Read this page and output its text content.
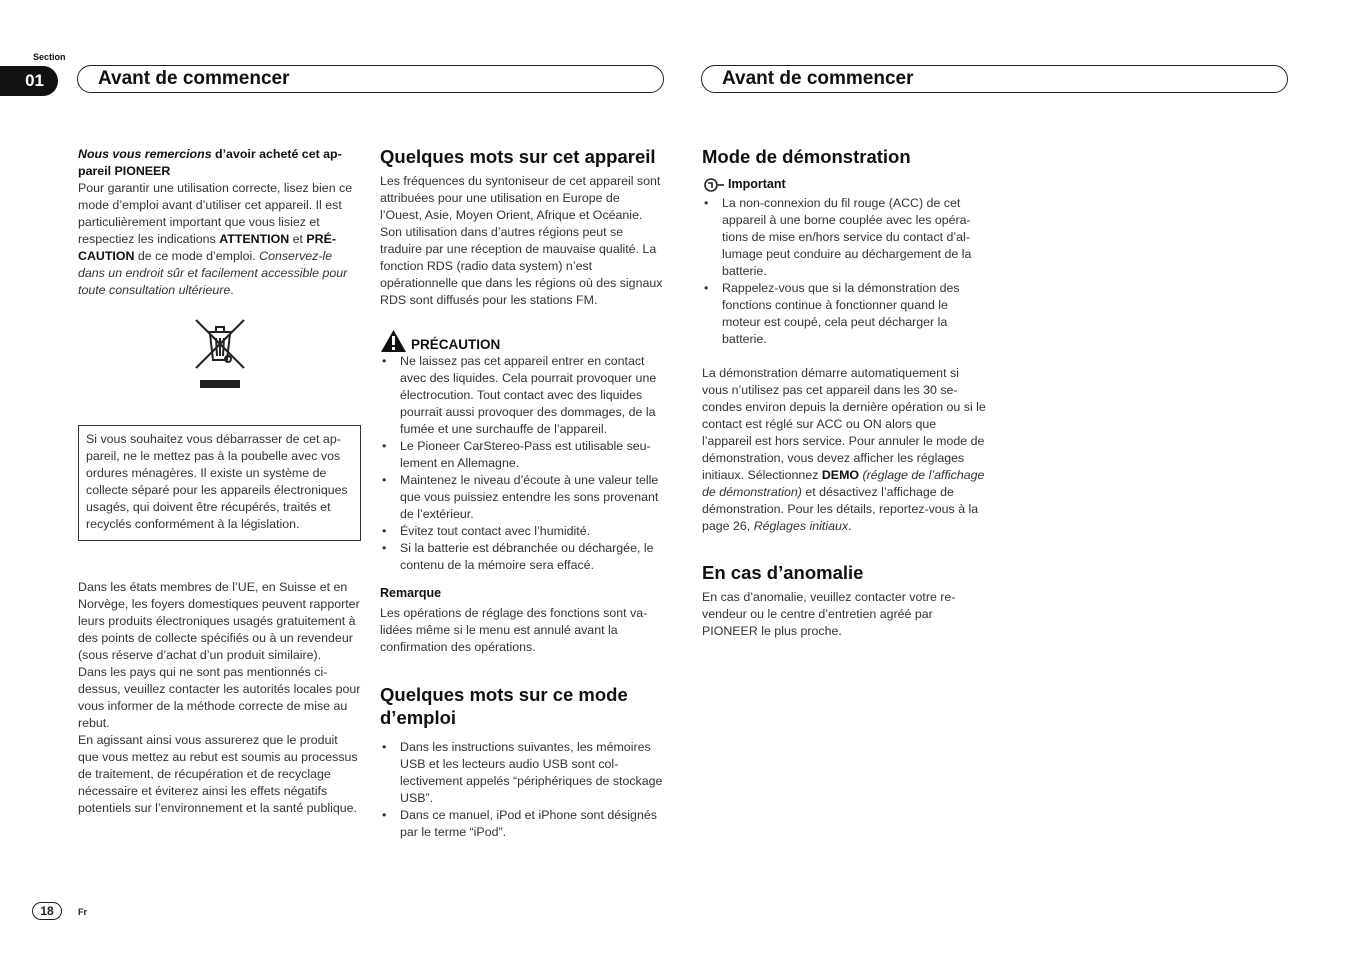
Section
01	Avant de commencer	Avant de commencer

Nous vous remercions d’avoir acheté cet appareil PIONEER

Pour garantir une utilisation correcte, lisez bien ce mode d’emploi avant d’utiliser cet appareil. Il est particulièrement important que vous lisiez et respectiez les indications ATTENTION et PRÉCAUTION de ce mode d’emploi. Conservez-le dans un endroit sûr et facilement accessible pour toute consultation ultérieure.

Si vous souhaitez vous débarrasser de cet appareil, ne le mettez pas à la poubelle avec vos ordures ménagères. Il existe un système de collecte séparé pour les appareils électroniques usagés, qui doivent être récupérés, traités et recyclés conformément à la législation.

Dans les états membres de l’UE, en Suisse et en Norvège, les foyers domestiques peuvent rapporter leurs produits électroniques usagés gratuitement à des points de collecte spécifiés ou à un revendeur (sous réserve d’achat d’un produit similaire).

Dans les pays qui ne sont pas mentionnés ci-dessus, veuillez contacter les autorités locales pour vous informer de la méthode correcte de mise au rebut.

En agissant ainsi vous assurerez que le produit que vous mettez au rebut est soumis au processus de traitement, de récupération et de recyclage nécessaire et éviterez ainsi les effets négatifs potentiels sur l’environnement et la santé publique.

Quelques mots sur cet appareil

Les fréquences du syntoniseur de cet appareil sont attribuées pour une utilisation en Europe de l’Ouest, Asie, Moyen Orient, Afrique et Océanie. Son utilisation dans d’autres régions peut se traduire par une réception de mauvaise qualité. La fonction RDS (radio data system) n’est opérationnelle que dans les régions où des signaux RDS sont diffusés pour les stations FM.

PRÉCAUTION
• Ne laissez pas cet appareil entrer en contact avec des liquides. Cela pourrait provoquer une électrocution. Tout contact avec des liquides pourrait aussi provoquer des dommages, de la fumée et une surchauffe de l’appareil.
• Le Pioneer CarStereo-Pass est utilisable seulement en Allemagne.
• Maintenez le niveau d’écoute à une valeur telle que vous puissiez entendre les sons provenant de l’extérieur.
• Évitez tout contact avec l’humidité.
• Si la batterie est débranchée ou déchargée, le contenu de la mémoire sera effacé.

Remarque

Les opérations de réglage des fonctions sont validées même si le menu est annulé avant la confirmation des opérations.

Quelques mots sur ce mode d’emploi
• Dans les instructions suivantes, les mémoires USB et les lecteurs audio USB sont collectivement appelés “périphériques de stockage USB”.
• Dans ce manuel, iPod et iPhone sont désignés par le terme “iPod”.
Mode de démonstration
Important
• La non-connexion du fil rouge (ACC) de cet appareil à une borne couplée avec les opérations de mise en/hors service du contact d’allumage peut conduire au déchargement de la batterie.
• Rappelez-vous que si la démonstration des fonctions continue à fonctionner quand le moteur est coupé, cela peut décharger la batterie.

La démonstration démarre automatiquement si vous n’utilisez pas cet appareil dans les 30 secondes environ depuis la dernière opération ou si le contact est réglé sur ACC ou ON alors que l’appareil est hors service. Pour annuler le mode de démonstration, vous devez afficher les réglages initiaux. Sélectionnez DEMO (réglage de l’affichage de démonstration) et désactivez l’affichage de démonstration. Pour les détails, reportez-vous à la page 26, Réglages initiaux.

En cas d’anomalie

En cas d’anomalie, veuillez contacter votre revendeur ou le centre d’entretien agréé par PIONEER le plus proche.

18	Fr
